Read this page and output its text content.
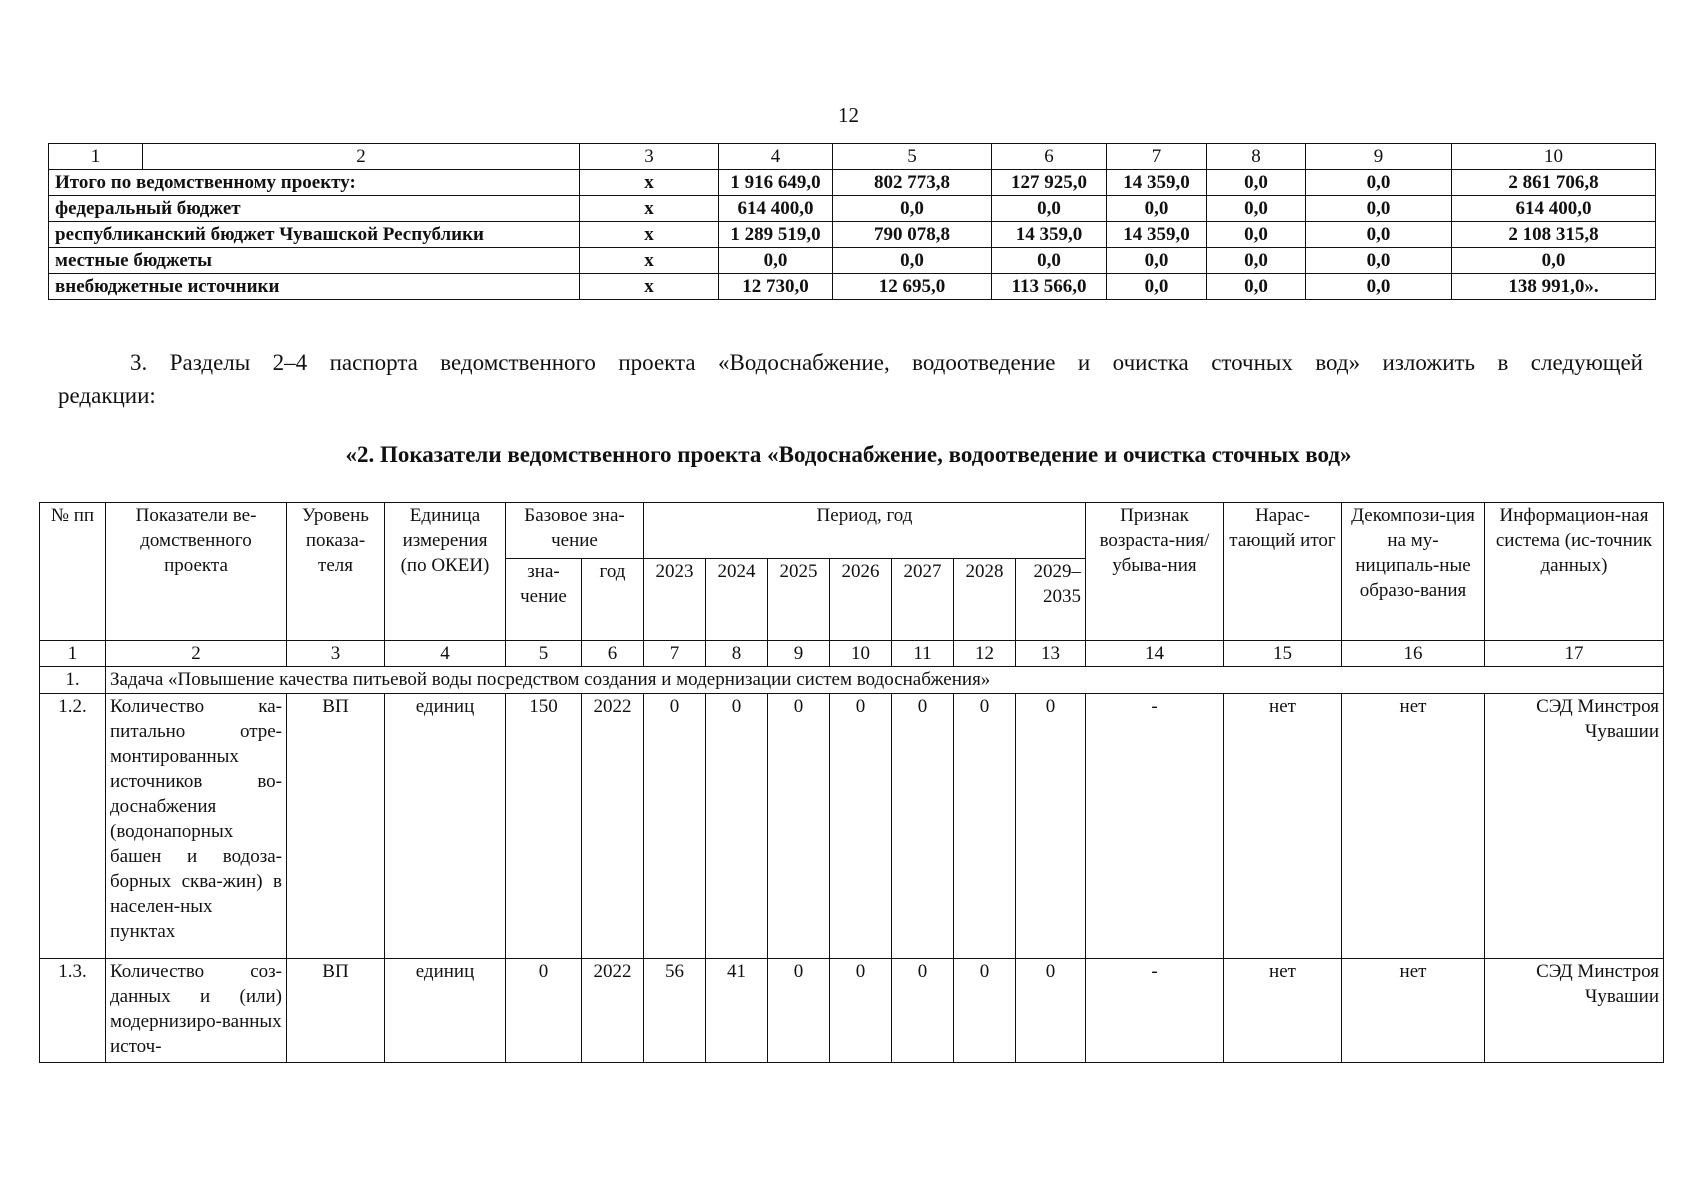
12
1	2	3	4	5	6	7	8	9	10
Итого по ведомственному проекту:		х	1 916 649,0	802 773,8	127 925,0	14 359,0	0,0	0,0	2 861 706,8
федеральный бюджет		х	614 400,0	0,0	0,0	0,0	0,0	0,0	614 400,0
республиканский бюджет Чувашской Республики		х	1 289 519,0	790 078,8	14 359,0	14 359,0	0,0	0,0	2 108 315,8
местные бюджеты		х	0,0	0,0	0,0	0,0	0,0	0,0	0,0
внебюджетные источники		х	12 730,0	12 695,0	113 566,0	0,0	0,0	0,0	138 991,0».
3. Разделы 2–4 паспорта ведомственного проекта «Водоснабжение, водоотведение и очистка сточных вод» изложить в следующей
редакции:
«2. Показатели ведомственного проекта «Водоснабжение, водоотведение и очистка сточных вод»
№ пп	Показатели ве-домственного проекта	Уровень показа-теля	Единица измерения (по ОКЕИ)	Базовое зна-чение		Период, год							Признак возраста-ния/убыва-ния	Нарас-тающий итог	Декомпози-ция на му-ниципаль-ные образо-вания	Информацион-ная система (ис-точник данных)
				зна-чение	год	2023	2024	2025	2026	2027	2028	2029–2035				
1	2	3	4	5	6	7	8	9	10	11	12	13	14	15	16	17
1.	Задача «Повышение качества питьевой воды посредством создания и модернизации систем водоснабжения»															
1.2.	Количество ка-питально отре-монтированных источников во-доснабжения (водонапорных башен и водоза-борных сква-жин) в населен-ных пунктах	ВП	единиц	150	2022	0	0	0	0	0	0	0	-	нет	нет	СЭД Минстроя Чувашии
1.3.	Количество соз-данных и (или) модернизиро-ванных источ-	ВП	единиц	0	2022	56	41	0	0	0	0	0	-	нет	нет	СЭД Минстроя Чувашии
